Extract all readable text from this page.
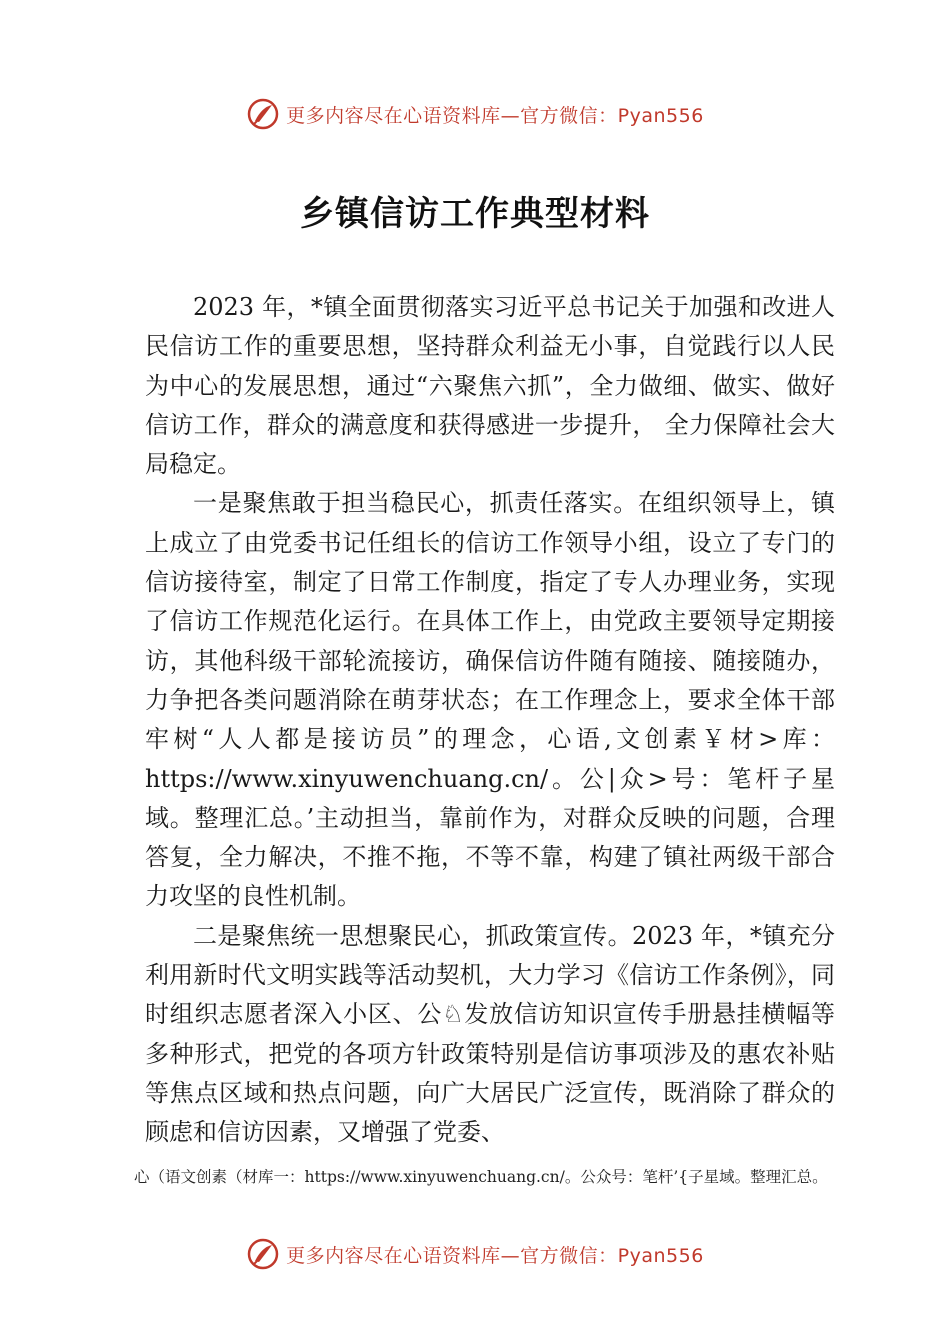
更多内容尽在心语资料库—官方微信：Pyan556
乡镇信访工作典型材料

2023 年，*镇全面贯彻落实习近平总书记关于加强和改进人民信访工作的重要思想，坚持群众利益无小事，自觉践行以人民为中心的发展思想，通过“六聚焦六抓”，全力做细、做实、做好信访工作，群众的满意度和获得感进一步提升， 全力保障社会大局稳定。

一是聚焦敢于担当稳民心，抓责任落实。在组织领导上，镇上成立了由党委书记任组长的信访工作领导小组，设立了专门的信访接待室，制定了日常工作制度，指定了专人办理业务，实现了信访工作规范化运行。在具体工作上，由党政主要领导定期接访，其他科级干部轮流接访，确保信访件随有随接、随接随办，力争把各类问题消除在萌芽状态；在工作理念上，要求全体干部牢树“人人都是接访员”的理念，心语,文创素￥材>库：https://www.xinyuwenchuang.cn/。公|众>号：笔杆子星域。整理汇总。’主动担当，靠前作为，对群众反映的问题，合理答复，全力解决，不推不拖，不等不靠，构建了镇社两级干部合力攻坚的良性机制。

二是聚焦统一思想聚民心，抓政策宣传。2023 年，*镇充分利用新时代文明实践等活动契机，大力学习《信访工作条例》，同时组织志愿者深入小区、公♘发放信访知识宣传手册悬挂横幅等多种形式，把党的各项方针政策特别是信访事项涉及的惠农补贴等焦点区域和热点问题，向广大居民广泛宣传，既消除了群众的顾虑和信访因素，又增强了党委、

心（语文创素（材库一：https://www.xinyuwenchuang.cn/。公众号：笔杆’{子星域。整理汇总。
更多内容尽在心语资料库—官方微信：Pyan556
